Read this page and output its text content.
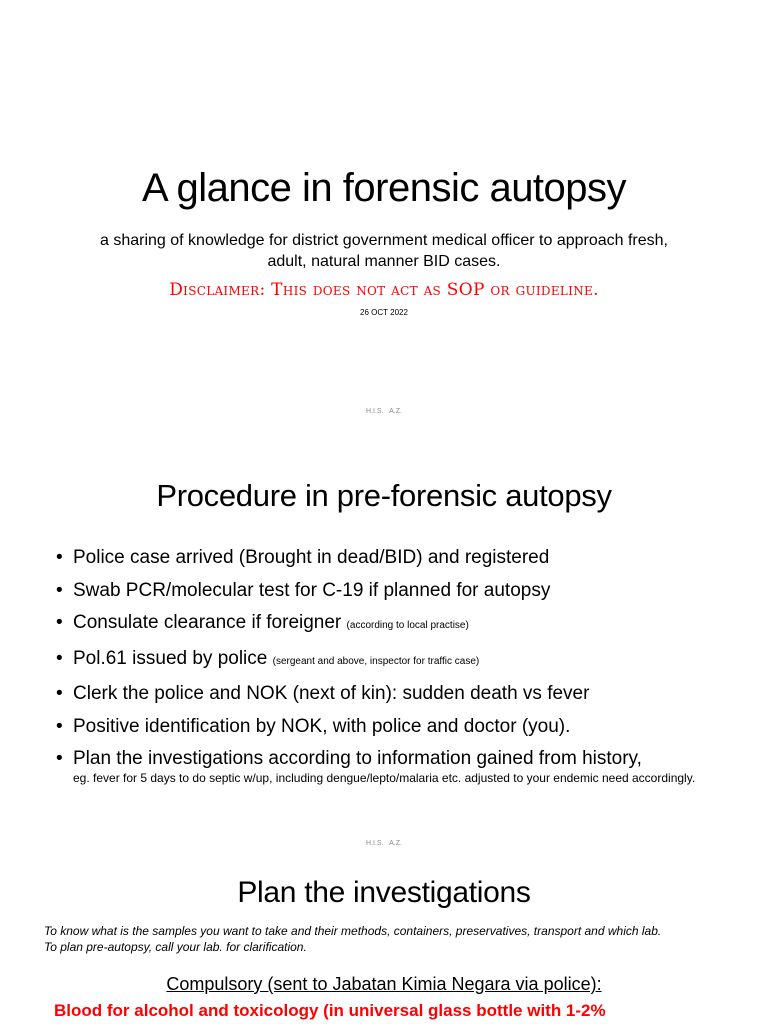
A glance in forensic autopsy
a sharing of knowledge for district government medical officer to approach fresh, adult, natural manner BID cases.
Disclaimer: This does not act as SOP or guideline.
26 OCT 2022
H.I.S. A.Z.
Procedure in pre-forensic autopsy
• Police case arrived (Brought in dead/BID) and registered
• Swab PCR/molecular test for C-19 if planned for autopsy
• Consulate clearance if foreigner (according to local practise)
• Pol.61 issued by police (sergeant and above, inspector for traffic case)
• Clerk the police and NOK (next of kin): sudden death vs fever
• Positive identification by NOK, with police and doctor (you).
• Plan the investigations according to information gained from history,
eg. fever for 5 days to do septic w/up, including dengue/lepto/malaria etc. adjusted to your endemic need accordingly.
H.I.S. A.Z.
Plan the investigations
To know what is the samples you want to take and their methods, containers, preservatives, transport and which lab.
To plan pre-autopsy, call your lab. for clarification.
Compulsory (sent to Jabatan Kimia Negara via police):
Blood for alcohol and toxicology (in universal glass bottle with 1-2%
